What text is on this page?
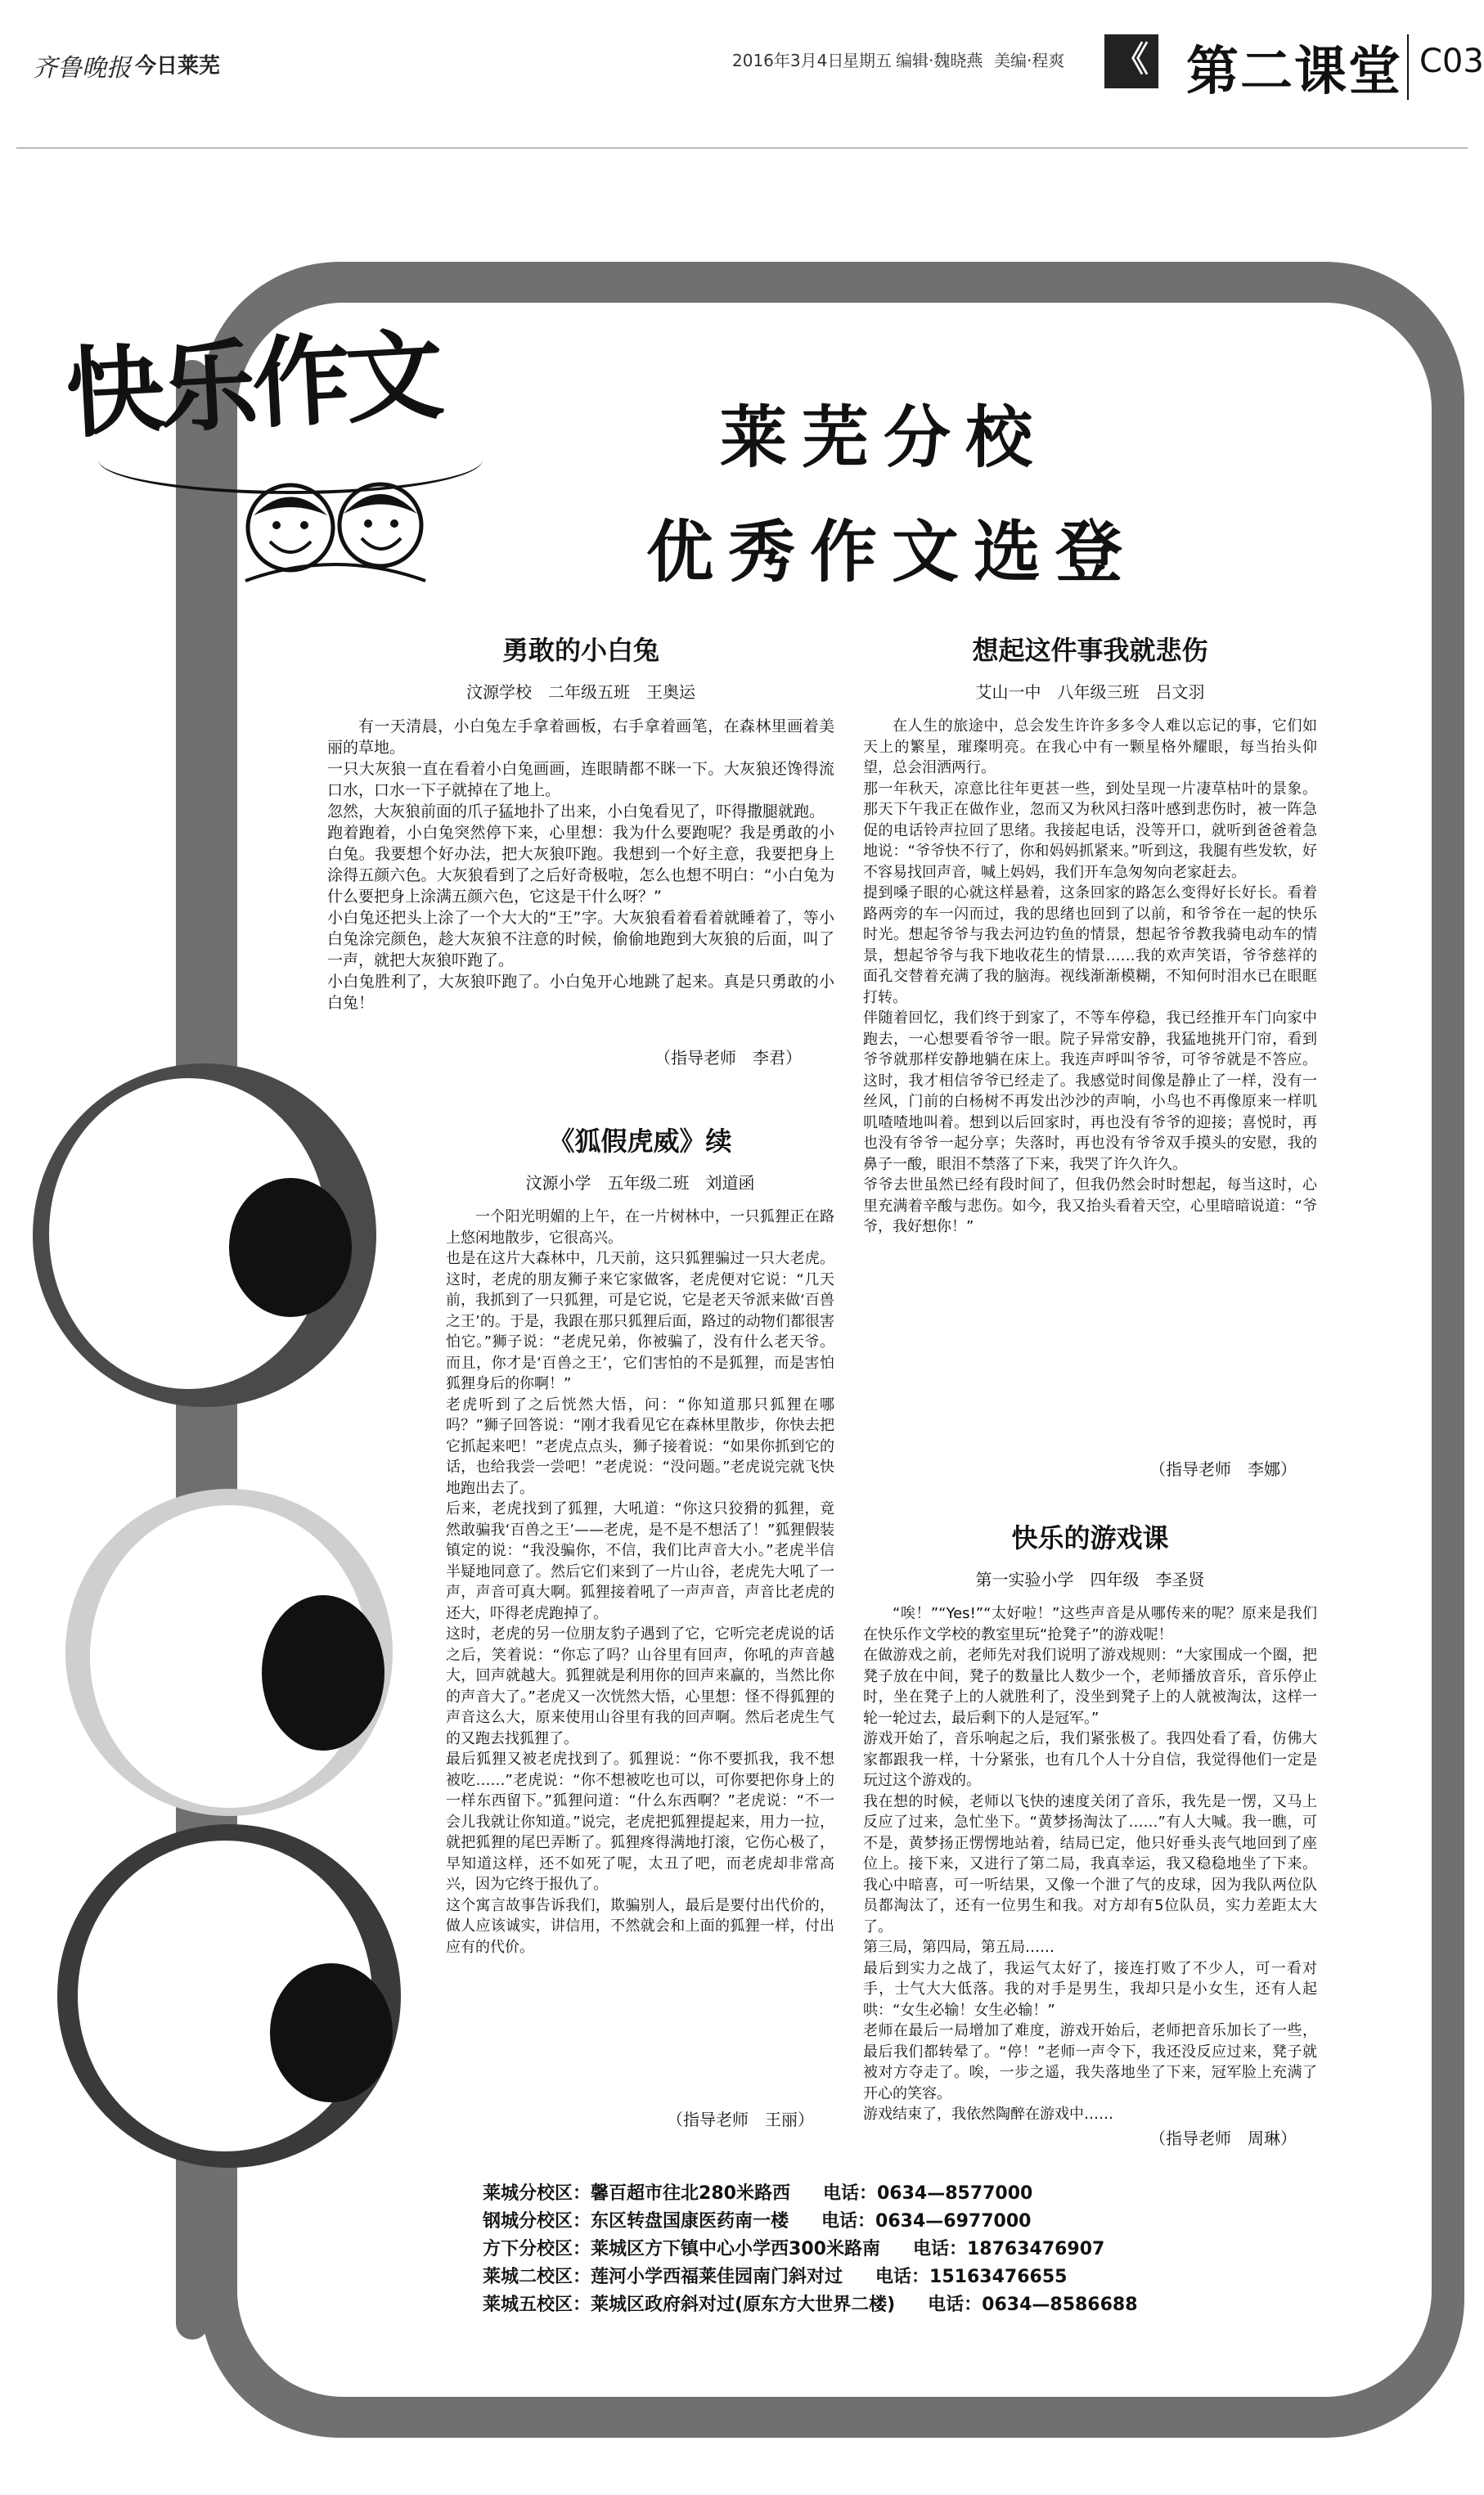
齐鲁晚报 今日莱芜	2016年3月4日
星期五 编辑·魏晓燕 美编·程爽 《 第二课堂 C03
快乐作文	莱芜分校
优秀作文选登
勇敢的小白兔
汶源学校　二年级五班　王奥运
有一天清晨，小白兔左手拿着画板，右手拿着画笔，在森林里画着美丽的草地。
一只大灰狼一直在看着小白兔画画，连眼睛都不眯一下。大灰狼还馋得流口水，口水一下子就掉在了地上。
忽然，大灰狼前面的爪子猛地扑了出来，小白兔看见了，吓得撒腿就跑。
跑着跑着，小白兔突然停下来，心里想：我为什么要跑呢？我是勇敢的小白兔。我要想个好办法，把大灰狼吓跑。我想到一个好主意，我要把身上涂得五颜六色。大灰狼看到了之后好奇极啦，怎么也想不明白：“小白兔为什么要把身上涂满五颜六色，它这是干什么呀？”
小白兔还把头上涂了一个大大的“王”字。大灰狼看着看着就睡着了，等小白兔涂完颜色，趁大灰狼不注意的时候，偷偷地跑到大灰狼的后面，叫了一声，就把大灰狼吓跑了。
小白兔胜利了，大灰狼吓跑了。小白兔开心地跳了起来。真是只勇敢的小白兔！
（指导老师　李君）
《狐假虎威》续
汶源小学　五年级二班　刘道函
一个阳光明媚的上午，在一片树林中，一只狐狸正在路上悠闲地散步，它很高兴。
也是在这片大森林中，几天前，这只狐狸骗过一只大老虎。这时，老虎的朋友狮子来它家做客，老虎便对它说：“几天前，我抓到了一只狐狸，可是它说，它是老天爷派来做‘百兽之王’的。于是，我跟在那只狐狸后面，路过的动物们都很害怕它。”狮子说：“老虎兄弟，你被骗了，没有什么老天爷。而且，你才是‘百兽之王’，它们害怕的不是狐狸，而是害怕狐狸身后的你啊！”
老虎听到了之后恍然大悟，问：“你知道那只狐狸在哪吗？”狮子回答说：“刚才我看见它在森林里散步，你快去把它抓起来吧！”老虎点点头，狮子接着说：“如果你抓到它的话，也给我尝一尝吧！”老虎说：“没问题。”老虎说完就飞快地跑出去了。
后来，老虎找到了狐狸，大吼道：“你这只狡猾的狐狸，竟然敢骗我‘百兽之王’——老虎，是不是不想活了！”狐狸假装镇定的说：“我没骗你，不信，我们比声音大小。”老虎半信半疑地同意了。然后它们来到了一片山谷，老虎先大吼了一声，声音可真大啊。狐狸接着吼了一声声音，声音比老虎的还大，吓得老虎跑掉了。
这时，老虎的另一位朋友豹子遇到了它，它听完老虎说的话之后，笑着说：“你忘了吗？山谷里有回声，你吼的声音越大，回声就越大。狐狸就是利用你的回声来赢的，当然比你的声音大了。”老虎又一次恍然大悟，心里想：怪不得狐狸的声音这么大，原来使用山谷里有我的回声啊。然后老虎生气的又跑去找狐狸了。
最后狐狸又被老虎找到了。狐狸说：“你不要抓我，我不想被吃……”老虎说：“你不想被吃也可以，可你要把你身上的一样东西留下。”狐狸问道：“什么东西啊？”老虎说：“不一会儿我就让你知道。”说完，老虎把狐狸提起来，用力一拉，就把狐狸的尾巴弄断了。狐狸疼得满地打滚，它伤心极了，早知道这样，还不如死了呢，太丑了吧，而老虎却非常高兴，因为它终于报仇了。
这个寓言故事告诉我们，欺骗别人，最后是要付出代价的，做人应该诚实，讲信用，不然就会和上面的狐狸一样，付出应有的代价。
（指导老师　王丽）
想起这件事我就悲伤
艾山一中　八年级三班　吕文羽
在人生的旅途中，总会发生许许多多令人难以忘记的事，它们如天上的繁星，璀璨明亮。在我心中有一颗星格外耀眼，每当抬头仰望，总会泪洒两行。
那一年秋天，凉意比往年更甚一些，到处呈现一片凄草枯叶的景象。那天下午我正在做作业，忽而又为秋风扫落叶感到悲伤时，被一阵急促的电话铃声拉回了思绪。我接起电话，没等开口，就听到爸爸着急地说：“爷爷快不行了，你和妈妈抓紧来。”听到这，我腿有些发软，好不容易找回声音，喊上妈妈，我们开车急匆匆向老家赶去。
提到嗓子眼的心就这样悬着，这条回家的路怎么变得好长好长。看着路两旁的车一闪而过，我的思绪也回到了以前，和爷爷在一起的快乐时光。想起爷爷与我去河边钓鱼的情景，想起爷爷教我骑电动车的情景，想起爷爷与我下地收花生的情景……我的欢声笑语，爷爷慈祥的面孔交替着充满了我的脑海。视线渐渐模糊，不知何时泪水已在眼眶打转。
伴随着回忆，我们终于到家了，不等车停稳，我已经推开车门向家中跑去，一心想要看爷爷一眼。院子异常安静，我猛地挑开门帘，看到爷爷就那样安静地躺在床上。我连声呼叫爷爷，可爷爷就是不答应。这时，我才相信爷爷已经走了。我感觉时间像是静止了一样，没有一丝风，门前的白杨树不再发出沙沙的声响，小鸟也不再像原来一样叽叽喳喳地叫着。想到以后回家时，再也没有爷爷的迎接；喜悦时，再也没有爷爷一起分享；失落时，再也没有爷爷双手摸头的安慰，我的鼻子一酸，眼泪不禁落了下来，我哭了许久许久。
爷爷去世虽然已经有段时间了，但我仍然会时时想起，每当这时，心里充满着辛酸与悲伤。如今，我又抬头看着天空，心里暗暗说道：“爷爷，我好想你！”
（指导老师　李娜）
快乐的游戏课
第一实验小学　四年级　李圣贤
“唉！”“Yes!”“太好啦！”这些声音是从哪传来的呢？原来是我们在快乐作文学校的教室里玩“抢凳子”的游戏呢！
在做游戏之前，老师先对我们说明了游戏规则：“大家围成一个圈，把凳子放在中间，凳子的数量比人数少一个，老师播放音乐，音乐停止时，坐在凳子上的人就胜利了，没坐到凳子上的人就被淘汰，这样一轮一轮过去，最后剩下的人是冠军。”
游戏开始了，音乐响起之后，我们紧张极了。我四处看了看，仿佛大家都跟我一样，十分紧张，也有几个人十分自信，我觉得他们一定是玩过这个游戏的。
我在想的时候，老师以飞快的速度关闭了音乐，我先是一愣，又马上反应了过来，急忙坐下。“黄梦扬淘汰了……”有人大喊。我一瞧，可不是，黄梦扬正愣愣地站着，结局已定，他只好垂头丧气地回到了座位上。接下来，又进行了第二局，我真幸运，我又稳稳地坐了下来。我心中暗喜，可一听结果，又像一个泄了气的皮球，因为我队两位队员都淘汰了，还有一位男生和我。对方却有5位队员，实力差距太大了。
第三局，第四局，第五局……
最后到实力之战了，我运气太好了，接连打败了不少人，可一看对手，士气大大低落。我的对手是男生，我却只是小女生，还有人起哄：“女生必输！女生必输！”
老师在最后一局增加了难度，游戏开始后，老师把音乐加长了一些，最后我们都转晕了。“停！”老师一声令下，我还没反应过来，凳子就被对方夺走了。唉，一步之遥，我失落地坐了下来，冠军脸上充满了开心的笑容。
游戏结束了，我依然陶醉在游戏中……
（指导老师　周琳）
莱城分校区：馨百超市往北280米路西 电话：0634—8577000
钢城分校区：东区转盘国康医药南一楼 电话：0634—6977000
方下分校区：莱城区方下镇中心小学西300米路南 电话：18763476907
莱城二校区：莲河小学西福莱佳园南门斜对过 电话：15163476655
莱城五校区：莱城区政府斜对过(原东方大世界二楼) 电话：0634—8586688
